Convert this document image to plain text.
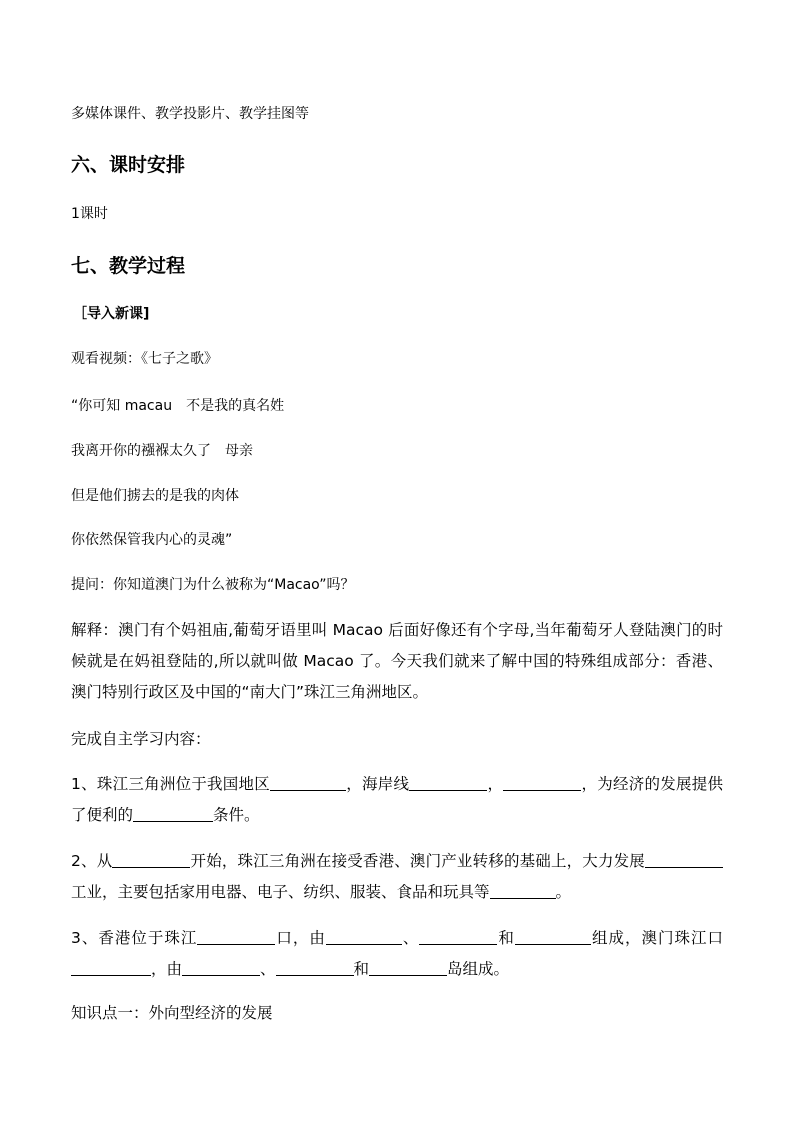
多媒体课件、教学投影片、教学挂图等
六、课时安排
1课时
七、教学过程
［导入新课]
观看视频：《七子之歌》
“你可知 macau　不是我的真名姓
我离开你的襁褓太久了　母亲
但是他们掳去的是我的肉体
你依然保管我内心的灵魂”
提问：你知道澳门为什么被称为“Macao”吗？
解释：澳门有个妈祖庙,葡萄牙语里叫 Macao 后面好像还有个字母,当年葡萄牙人登陆澳门的时候就是在妈祖登陆的,所以就叫做 Macao 了。今天我们就来了解中国的特殊组成部分：香港、澳门特别行政区及中国的“南大门”珠江三角洲地区。
完成自主学习内容：
1、珠江三角洲位于我国地区	，海岸线	，	，为经济的发展提供了便利的	条件。
2、从	开始，珠江三角洲在接受香港、澳门产业转移的基础上，大力发展工业，主要包括家用电器、电子、纺织、服装、食品和玩具等	。
3、香港位于珠江	口，由	、	和	组成，澳门珠江口，由	、	和	岛组成。
知识点一：外向型经济的发展
